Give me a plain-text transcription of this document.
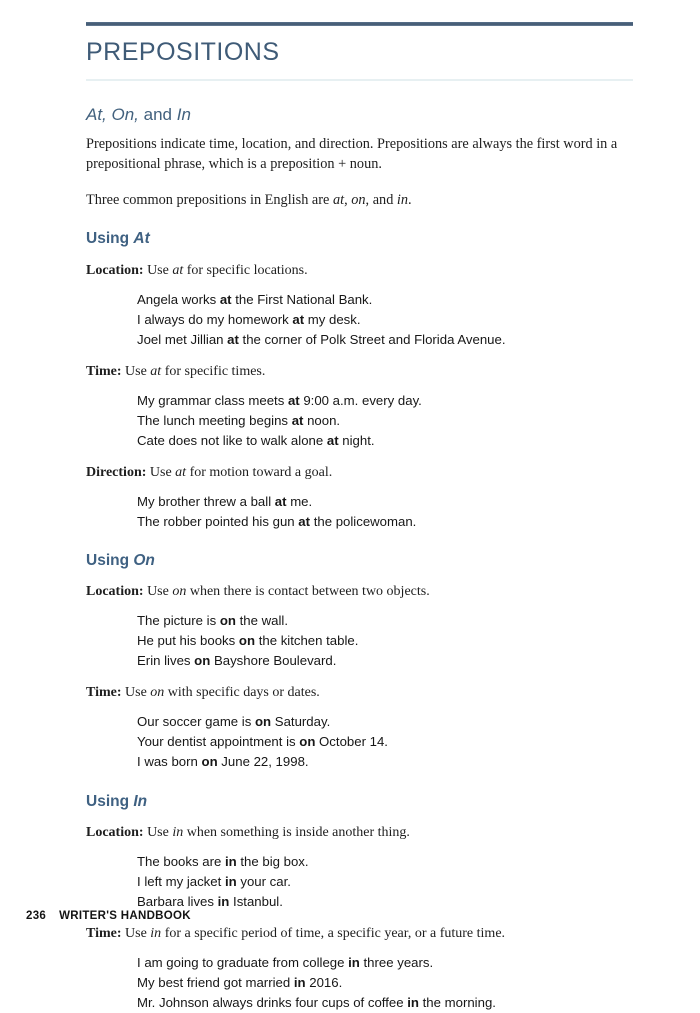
PREPOSITIONS
At, On, and In

Prepositions indicate time, location, and direction. Prepositions are always the first word in a prepositional phrase, which is a preposition + noun.

Three common prepositions in English are at, on, and in.

Using At

Location: Use at for specific locations.

Angela works at the First National Bank.
I always do my homework at my desk.
Joel met Jillian at the corner of Polk Street and Florida Avenue.

Time: Use at for specific times.

My grammar class meets at 9:00 a.m. every day.
The lunch meeting begins at noon.
Cate does not like to walk alone at night.

Direction: Use at for motion toward a goal.

My brother threw a ball at me.
The robber pointed his gun at the policewoman.
Using On

Location: Use on when there is contact between two objects.

The picture is on the wall.
He put his books on the kitchen table.
Erin lives on Bayshore Boulevard.

Time: Use on with specific days or dates.

Our soccer game is on Saturday.
Your dentist appointment is on October 14.
I was born on June 22, 1998.
Using In

Location: Use in when something is inside another thing.

The books are in the big box.
I left my jacket in your car.
Barbara lives in Istanbul.

Time: Use in for a specific period of time, a specific year, or a future time.

I am going to graduate from college in three years.
My best friend got married in 2016.
Mr. Johnson always drinks four cups of coffee in the morning.
236 WRITER'S HANDBOOK
